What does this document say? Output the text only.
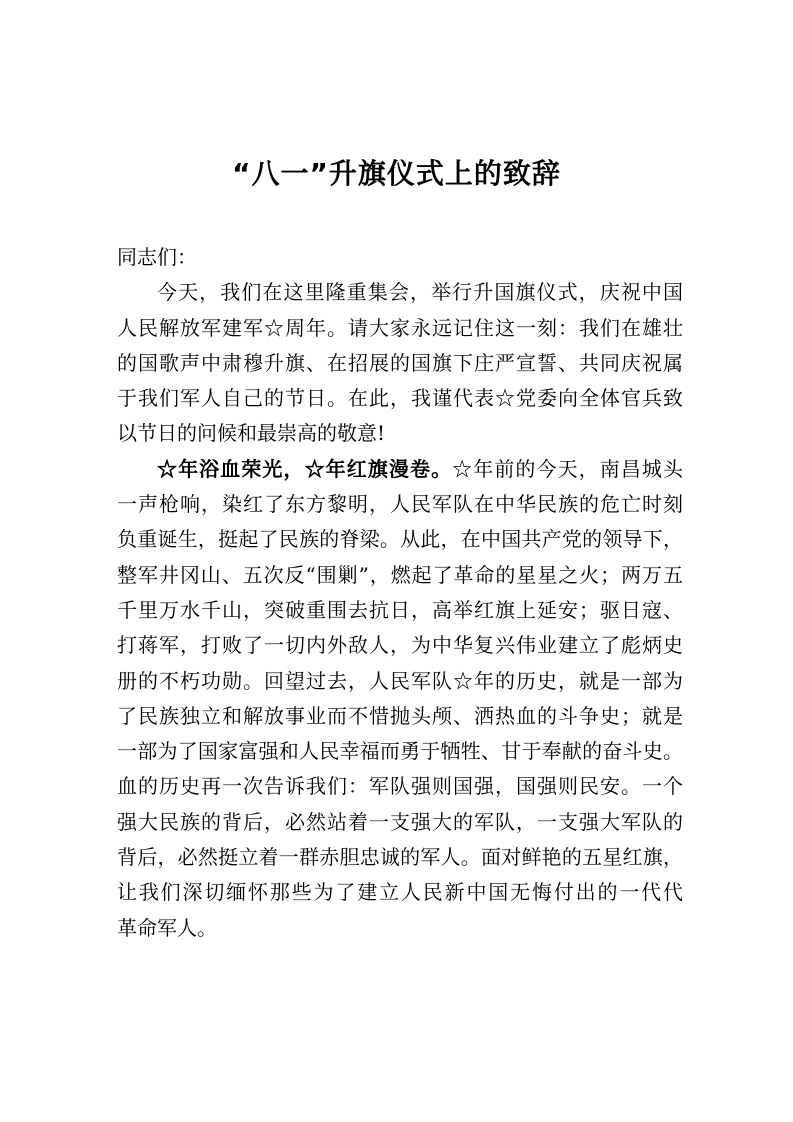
“八一”升旗仪式上的致辞
同志们：
今天，我们在这里隆重集会，举行升国旗仪式，庆祝中国
人民解放军建军☆周年。请大家永远记住这一刻：我们在雄壮
的国歌声中肃穆升旗、在招展的国旗下庄严宣誓、共同庆祝属
于我们军人自己的节日。在此，我谨代表☆党委向全体官兵致
以节日的问候和最崇高的敬意!
☆年浴血荣光，☆年红旗漫卷。☆年前的今天，南昌城头
一声枪响，染红了东方黎明，人民军队在中华民族的危亡时刻
负重诞生，挺起了民族的脊梁。从此，在中国共产党的领导下，
整军井冈山、五次反“围剿”，燃起了革命的星星之火；两万五
千里万水千山，突破重围去抗日，高举红旗上延安；驱日寇、
打蒋军，打败了一切内外敌人，为中华复兴伟业建立了彪炳史
册的不朽功勋。回望过去，人民军队☆年的历史，就是一部为
了民族独立和解放事业而不惜抛头颅、洒热血的斗争史；就是
一部为了国家富强和人民幸福而勇于牺牲、甘于奉献的奋斗史。
血的历史再一次告诉我们：军队强则国强，国强则民安。一个
强大民族的背后，必然站着一支强大的军队，一支强大军队的
背后，必然挺立着一群赤胆忠诚的军人。面对鲜艳的五星红旗，
让我们深切缅怀那些为了建立人民新中国无悔付出的一代代
革命军人。
